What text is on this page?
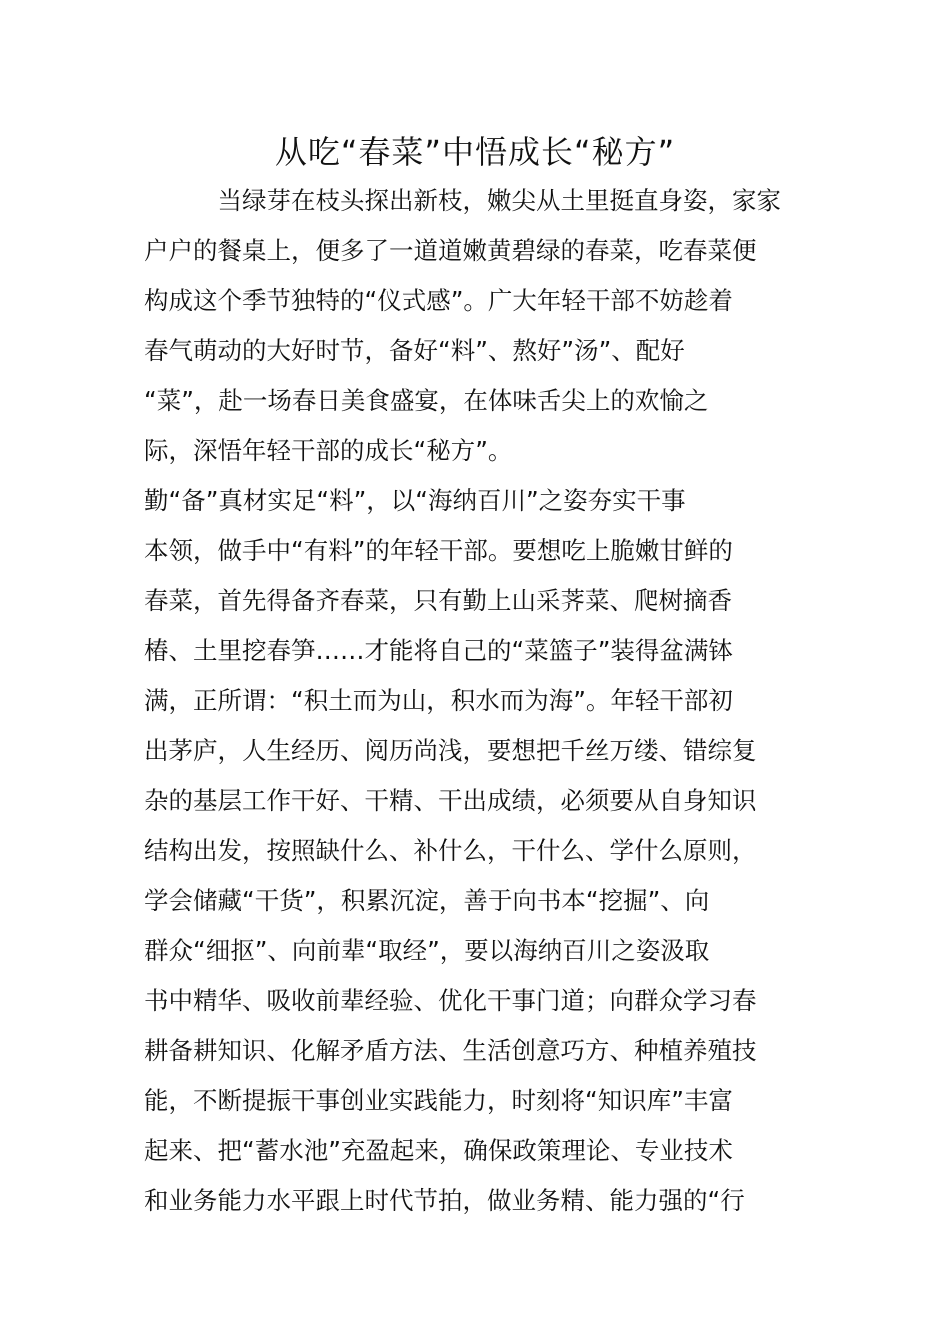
从吃“春菜”中悟成长“秘方”
　　　当绿芽在枝头探出新枝，嫩尖从土里挺直身姿，家家
户户的餐桌上，便多了一道道嫩黄碧绿的春菜，吃春菜便
构成这个季节独特的“仪式感”。广大年轻干部不妨趁着
春气萌动的大好时节，备好“料”、熬好”汤”、配好
“菜”，赴一场春日美食盛宴，在体味舌尖上的欢愉之
际，深悟年轻干部的成长“秘方”。
勤“备”真材实足“料”，以“海纳百川”之姿夯实干事
本领，做手中“有料”的年轻干部。要想吃上脆嫩甘鲜的
春菜，首先得备齐春菜，只有勤上山采荠菜、爬树摘香
椿、土里挖春笋……才能将自己的“菜篮子”装得盆满钵
满，正所谓：“积土而为山，积水而为海”。年轻干部初
出茅庐，人生经历、阅历尚浅，要想把千丝万缕、错综复
杂的基层工作干好、干精、干出成绩，必须要从自身知识
结构出发，按照缺什么、补什么，干什么、学什么原则，
学会储藏“干货”，积累沉淀，善于向书本“挖掘”、向
群众“细抠”、向前辈“取经”，要以海纳百川之姿汲取
书中精华、吸收前辈经验、优化干事门道；向群众学习春
耕备耕知识、化解矛盾方法、生活创意巧方、种植养殖技
能，不断提振干事创业实践能力，时刻将“知识库”丰富
起来、把“蓄水池”充盈起来，确保政策理论、专业技术
和业务能力水平跟上时代节拍，做业务精、能力强的“行
